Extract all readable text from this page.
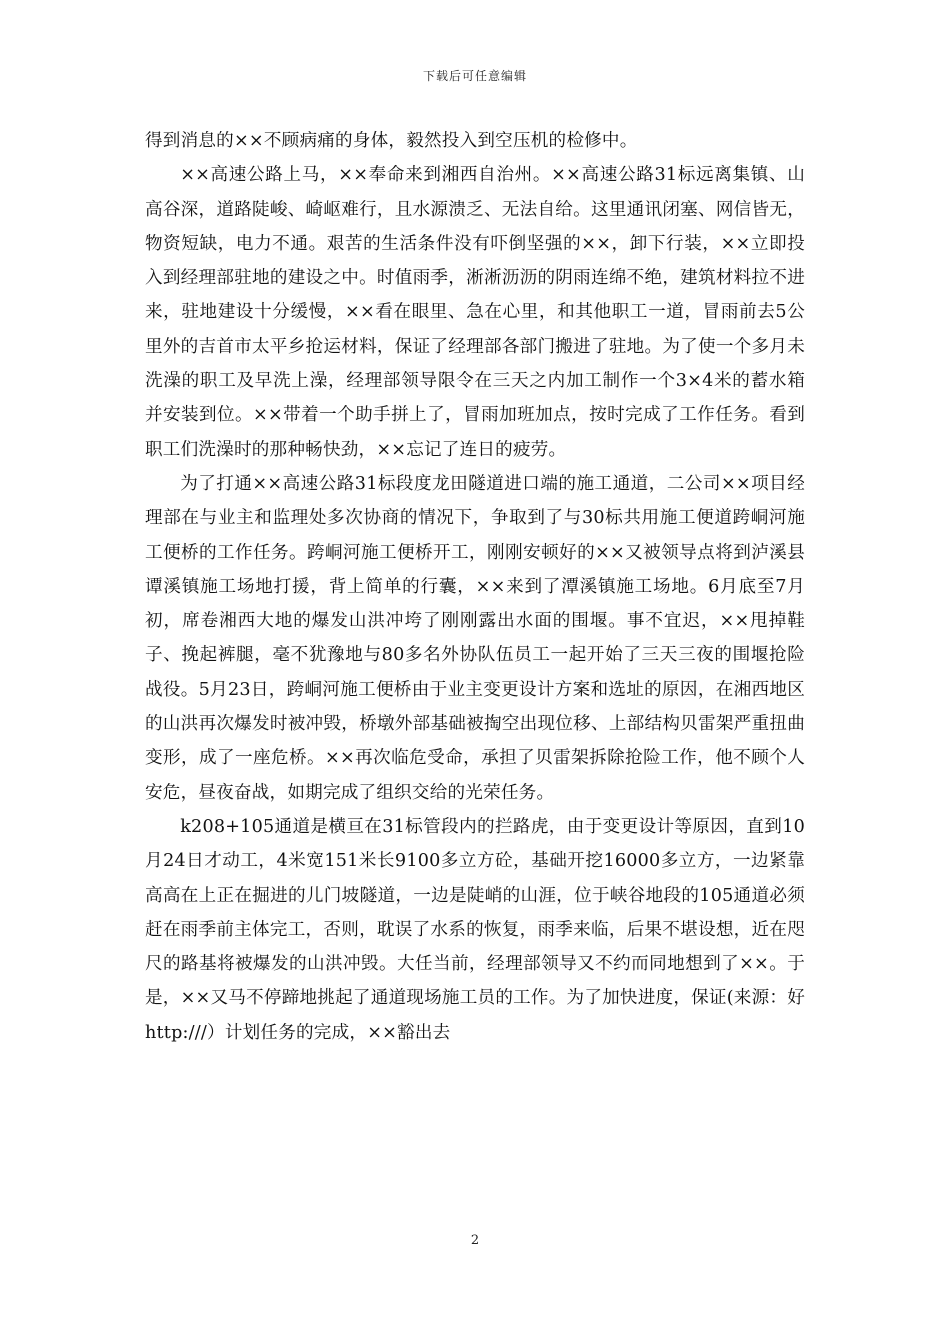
下载后可任意编辑

得到消息的××不顾病痛的身体，毅然投入到空压机的检修中。

××高速公路上马，××奉命来到湘西自治州。××高速公路31标远离集镇、山高谷深，道路陡峻、崎岖难行，且水源溃乏、无法自给。这里通讯闭塞、网信皆无，物资短缺，电力不通。艰苦的生活条件没有吓倒坚强的××，卸下行装，××立即投入到经理部驻地的建设之中。时值雨季，淅淅沥沥的阴雨连绵不绝，建筑材料拉不进来，驻地建设十分缓慢，××看在眼里、急在心里，和其他职工一道，冒雨前去5公里外的吉首市太平乡抢运材料，保证了经理部各部门搬进了驻地。为了使一个多月未洗澡的职工及早洗上澡，经理部领导限令在三天之内加工制作一个3×4米的蓄水箱并安装到位。××带着一个助手拼上了，冒雨加班加点，按时完成了工作任务。看到职工们洗澡时的那种畅快劲，××忘记了连日的疲劳。

为了打通××高速公路31标段度龙田隧道进口端的施工通道，二公司××项目经理部在与业主和监理处多次协商的情况下，争取到了与30标共用施工便道跨峒河施工便桥的工作任务。跨峒河施工便桥开工，刚刚安顿好的××又被领导点将到泸溪县谭溪镇施工场地打援，背上简单的行囊，××来到了潭溪镇施工场地。6月底至7月初，席卷湘西大地的爆发山洪冲垮了刚刚露出水面的围堰。事不宜迟，××甩掉鞋子、挽起裤腿，毫不犹豫地与80多名外协队伍员工一起开始了三天三夜的围堰抢险战役。5月23日，跨峒河施工便桥由于业主变更设计方案和选址的原因，在湘西地区的山洪再次爆发时被冲毁，桥墩外部基础被掏空出现位移、上部结构贝雷架严重扭曲变形，成了一座危桥。××再次临危受命，承担了贝雷架拆除抢险工作，他不顾个人安危，昼夜奋战，如期完成了组织交给的光荣任务。

k208+105通道是横亘在31标管段内的拦路虎，由于变更设计等原因，直到10月24日才动工，4米宽151米长9100多立方砼，基础开挖16000多立方，一边紧靠高高在上正在掘进的儿门坡隧道，一边是陡峭的山涯，位于峡谷地段的105通道必须赶在雨季前主体完工，否则，耽误了水系的恢复，雨季来临，后果不堪设想，近在咫尺的路基将被爆发的山洪冲毁。大任当前，经理部领导又不约而同地想到了××。于是，××又马不停蹄地挑起了通道现场施工员的工作。为了加快进度，保证(来源：好 http:///）计划任务的完成，××豁出去

2
